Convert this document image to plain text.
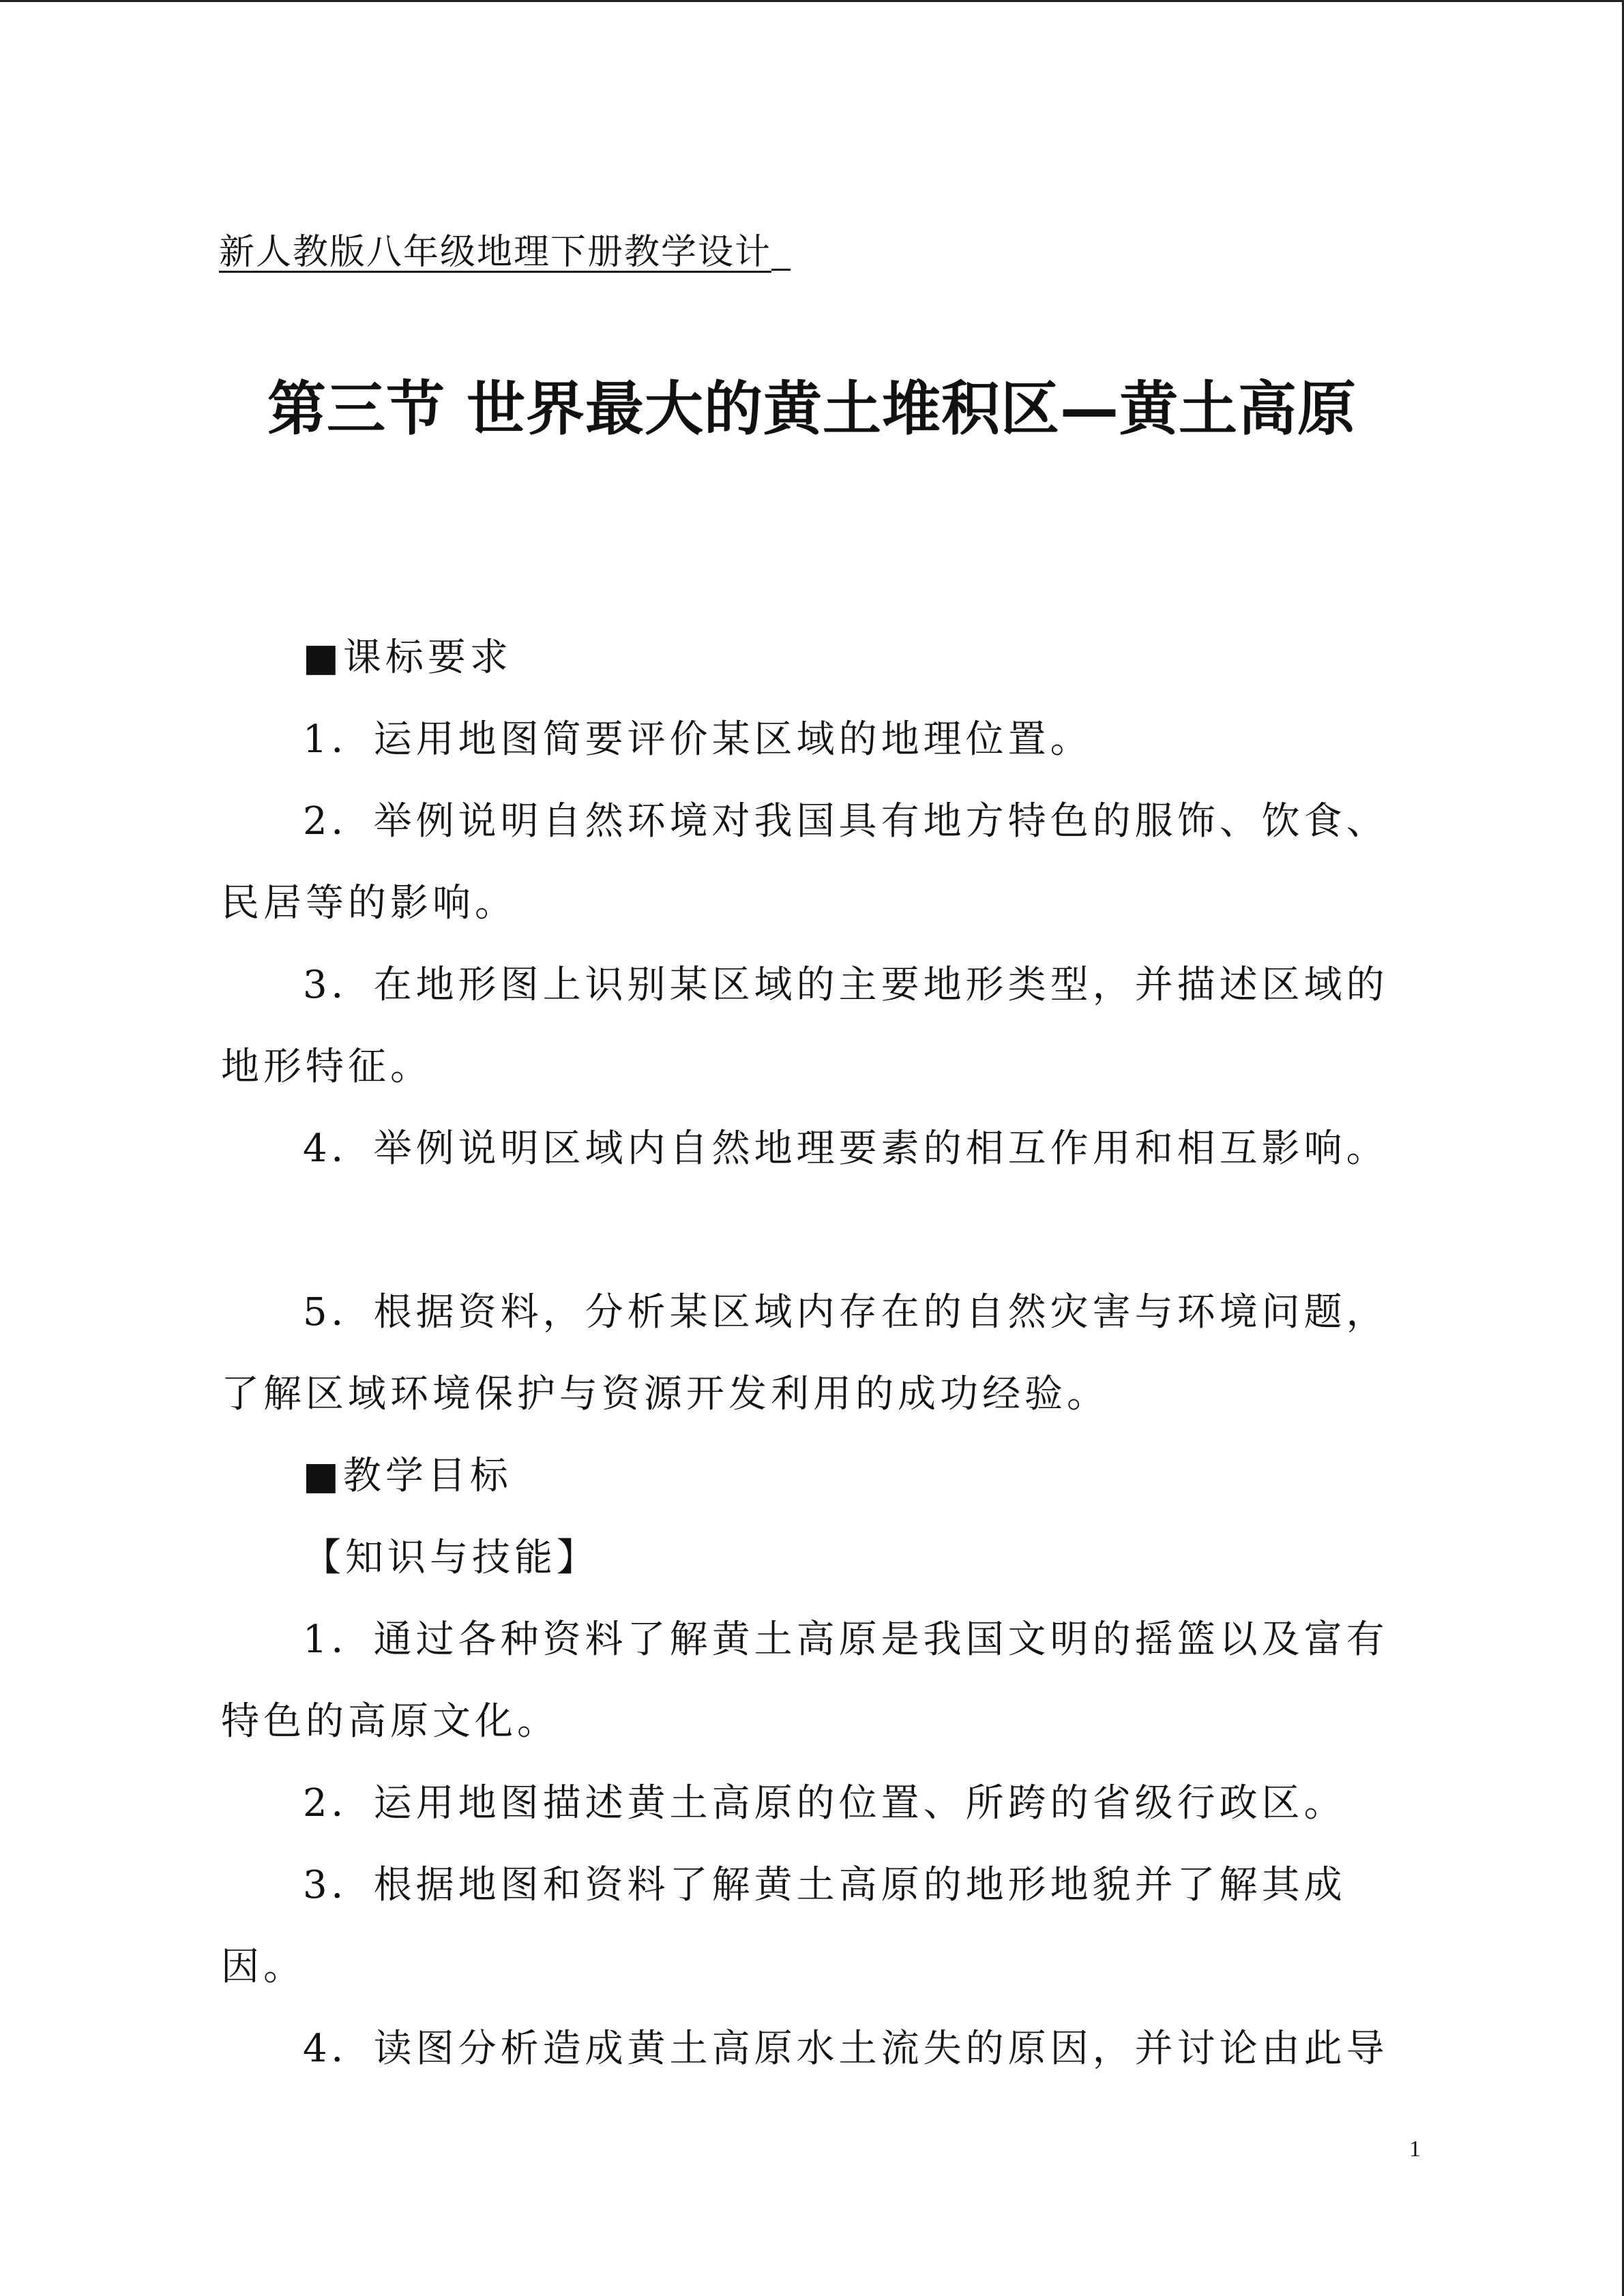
新人教版八年级地理下册教学设计
第三节 世界最大的黄土堆积区—黄土高原
■课标要求
1．运用地图简要评价某区域的地理位置。
2．举例说明自然环境对我国具有地方特色的服饰、饮食、
民居等的影响。
3．在地形图上识别某区域的主要地形类型，并描述区域的
地形特征。
4．举例说明区域内自然地理要素的相互作用和相互影响。
5．根据资料，分析某区域内存在的自然灾害与环境问题，
了解区域环境保护与资源开发利用的成功经验。
■教学目标
【知识与技能】
1．通过各种资料了解黄土高原是我国文明的摇篮以及富有
特色的高原文化。
2．运用地图描述黄土高原的位置、所跨的省级行政区。
3．根据地图和资料了解黄土高原的地形地貌并了解其成
因。
4．读图分析造成黄土高原水土流失的原因，并讨论由此导
1
